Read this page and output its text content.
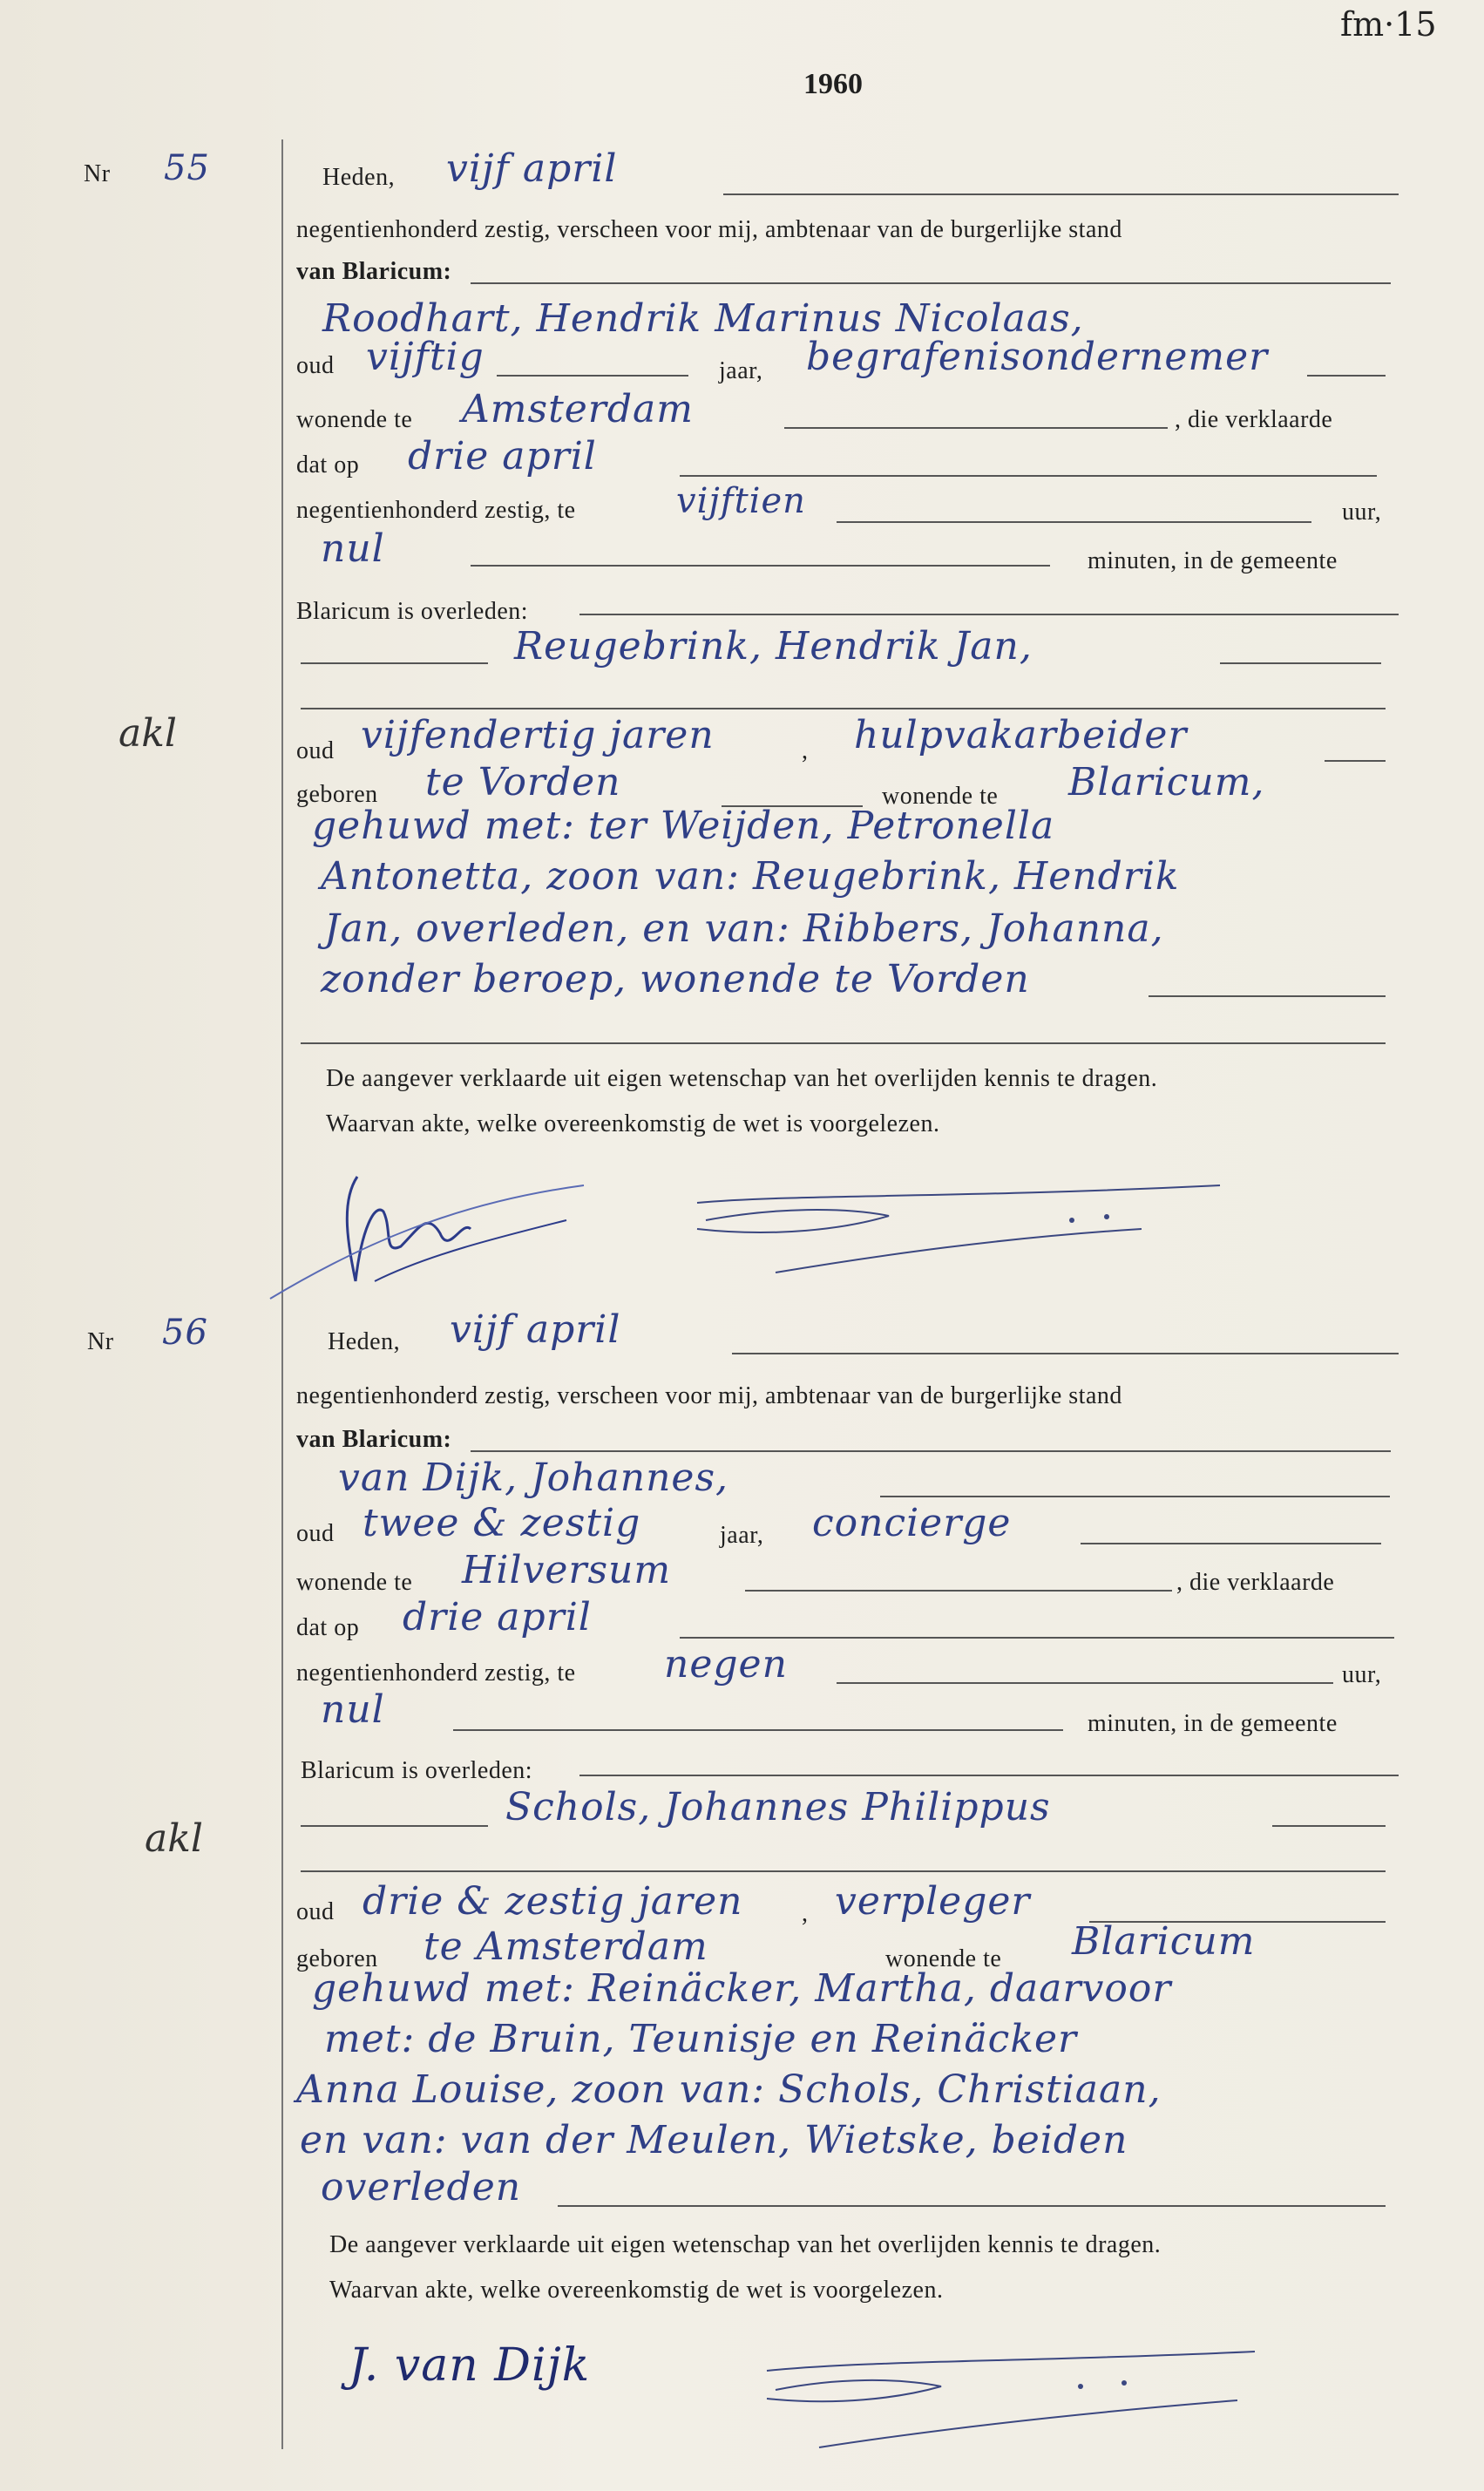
1960
fm·15
Nr 55
akl
Heden, vijf april
negentienhonderd zestig, verscheen voor mij, ambtenaar van de burgerlijke stand
van Blaricum:
Roodhart, Hendrik Marinus Nicolaas,
oud vijftig	jaar, begrafenisondernemer
wonende te Amsterdam	, die verklaarde
dat op drie april
negentienhonderd zestig, te	vijftien	uur,
nul	minuten, in de gemeente
Blaricum is overleden:
Reugebrink, Hendrik Jan,
oud vijfendertig jaren	, hulpvakarbeider
geboren te Vorden	wonende te Blaricum,
gehuwd met: ter Weijden, Petronella
Antonetta, zoon van: Reugebrink, Hendrik
Jan, overleden, en van: Ribbers, Johanna,
zonder beroep, wonende te Vorden
De aangever verklaarde uit eigen wetenschap van het overlijden kennis te dragen.
Waarvan akte, welke overeenkomstig de wet is voorgelezen.
Nr 56
akl
Heden, vijf april
negentienhonderd zestig, verscheen voor mij, ambtenaar van de burgerlijke stand
van Blaricum:
van Dijk, Johannes,
oud twee & zestig	jaar, concierge
wonende te Hilversum	, die verklaarde
dat op drie april
negentienhonderd zestig, te negen	uur,
nul	minuten, in de gemeente
Blaricum is overleden:
Schols, Johannes Philippus
oud drie & zestig jaren , verpleger
geboren te Amsterdam	wonende te Blaricum
gehuwd met: Reinäcker, Martha, daarvoor
met: de Bruin, Teunisje en Reinäcker
Anna Louise, zoon van: Schols, Christiaan,
en van: van der Meulen, Wietske, beiden
overleden
De aangever verklaarde uit eigen wetenschap van het overlijden kennis te dragen.
Waarvan akte, welke overeenkomstig de wet is voorgelezen.
J. van Dijk
